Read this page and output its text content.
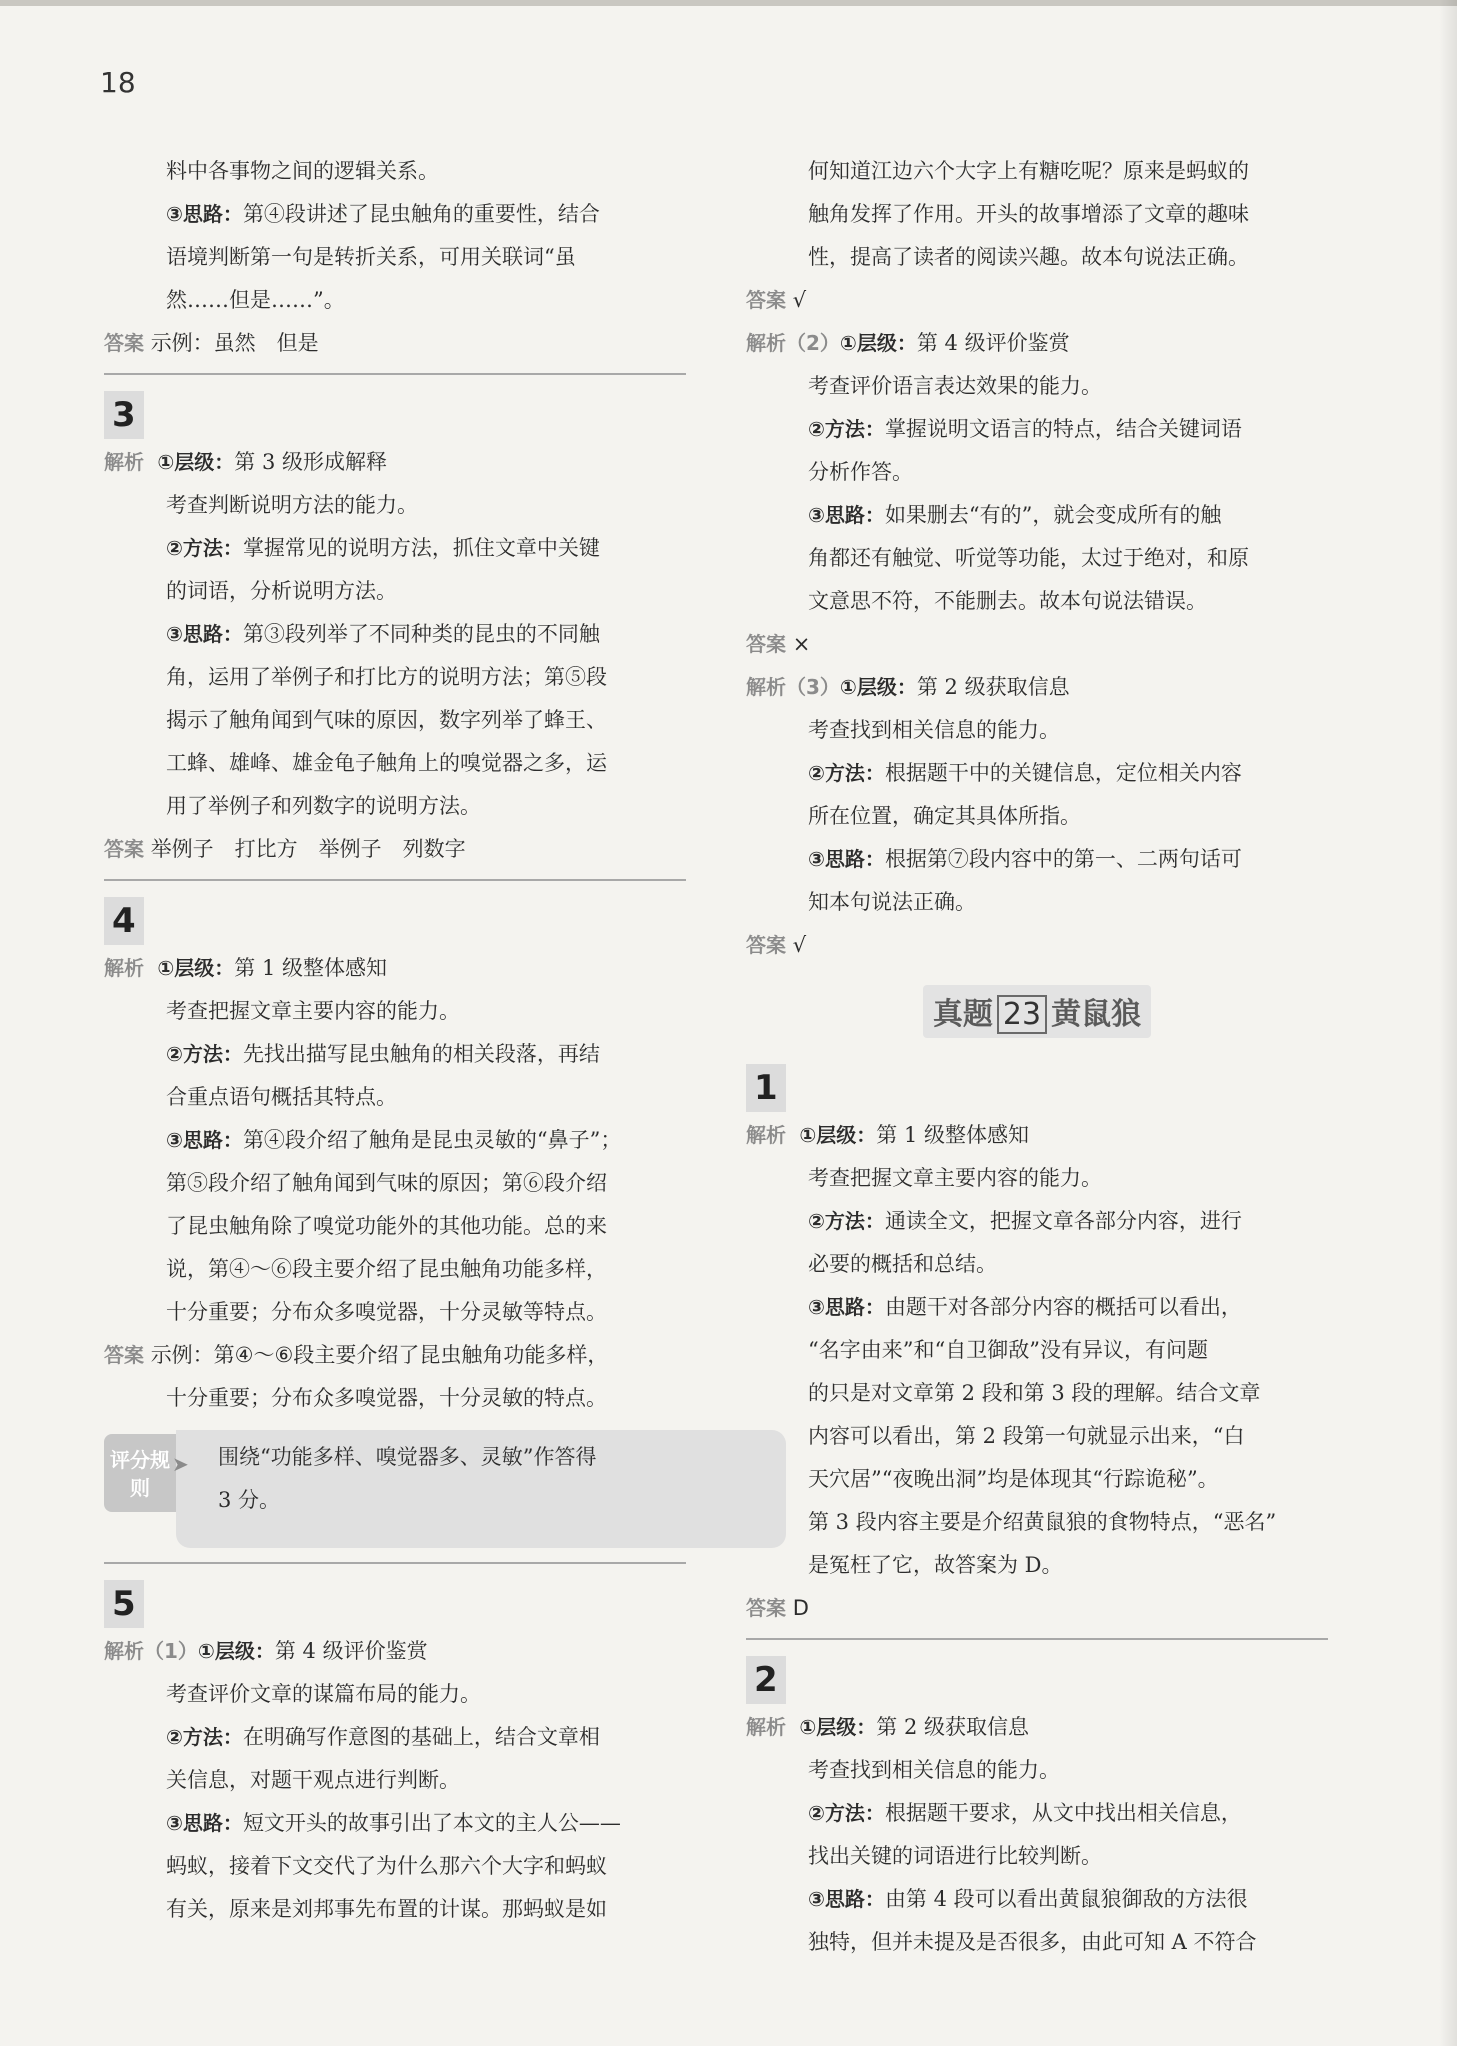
18
料中各事物之间的逻辑关系。
③思路：第④段讲述了昆虫触角的重要性，结合
语境判断第一句是转折关系，可用关联词“虽
然……但是……”。
答案 示例：虽然　但是
3
解析 ①层级：第 3 级形成解释
考查判断说明方法的能力。
②方法：掌握常见的说明方法，抓住文章中关键
的词语，分析说明方法。
③思路：第③段列举了不同种类的昆虫的不同触
角，运用了举例子和打比方的说明方法；第⑤段
揭示了触角闻到气味的原因，数字列举了蜂王、
工蜂、雄峰、雄金龟子触角上的嗅觉器之多，运
用了举例子和列数字的说明方法。
答案 举例子　打比方　举例子　列数字
4
解析 ①层级：第 1 级整体感知
考查把握文章主要内容的能力。
②方法：先找出描写昆虫触角的相关段落，再结
合重点语句概括其特点。
③思路：第④段介绍了触角是昆虫灵敏的“鼻子”；
第⑤段介绍了触角闻到气味的原因；第⑥段介绍
了昆虫触角除了嗅觉功能外的其他功能。总的来
说，第④～⑥段主要介绍了昆虫触角功能多样，
十分重要；分布众多嗅觉器，十分灵敏等特点。
答案 示例：第④～⑥段主要介绍了昆虫触角功能多样，
十分重要；分布众多嗅觉器，十分灵敏的特点。
评分规则
➤	围绕“功能多样、嗅觉器多、灵敏”作答得
3 分。
5
解析（1）①层级：第 4 级评价鉴赏
考查评价文章的谋篇布局的能力。
②方法：在明确写作意图的基础上，结合文章相
关信息，对题干观点进行判断。
③思路：短文开头的故事引出了本文的主人公——
蚂蚁，接着下文交代了为什么那六个大字和蚂蚁
有关，原来是刘邦事先布置的计谋。那蚂蚁是如
何知道江边六个大字上有糖吃呢？原来是蚂蚁的
触角发挥了作用。开头的故事增添了文章的趣味
性，提高了读者的阅读兴趣。故本句说法正确。
答案 √
解析（2）①层级：第 4 级评价鉴赏
考查评价语言表达效果的能力。
②方法：掌握说明文语言的特点，结合关键词语
分析作答。
③思路：如果删去“有的”，就会变成所有的触
角都还有触觉、听觉等功能，太过于绝对，和原
文意思不符，不能删去。故本句说法错误。
答案 ×
解析（3）①层级：第 2 级获取信息
考查找到相关信息的能力。
②方法：根据题干中的关键信息，定位相关内容
所在位置，确定其具体所指。
③思路：根据第⑦段内容中的第一、二两句话可
知本句说法正确。
答案 √
真题 23 黄鼠狼
1
解析 ①层级：第 1 级整体感知
考查把握文章主要内容的能力。
②方法：通读全文，把握文章各部分内容，进行
必要的概括和总结。
③思路：由题干对各部分内容的概括可以看出，
“名字由来”和“自卫御敌”没有异议，有问题
的只是对文章第 2 段和第 3 段的理解。结合文章
内容可以看出，第 2 段第一句就显示出来，“白
天穴居”“夜晚出洞”均是体现其“行踪诡秘”。
第 3 段内容主要是介绍黄鼠狼的食物特点，“恶名”
是冤枉了它，故答案为 D。
答案 D
2
解析 ①层级：第 2 级获取信息
考查找到相关信息的能力。
②方法：根据题干要求，从文中找出相关信息，
找出关键的词语进行比较判断。
③思路：由第 4 段可以看出黄鼠狼御敌的方法很
独特，但并未提及是否很多，由此可知 A 不符合
